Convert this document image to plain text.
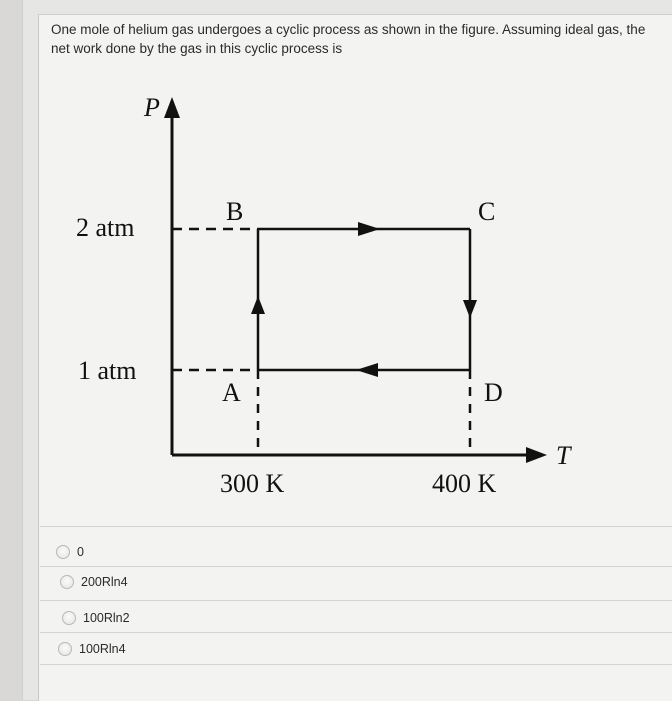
One mole of helium gas undergoes a cyclic process as shown in the figure. Assuming ideal gas, the net work done by the gas in this cyclic process is

P
T
2 atm
1 atm
300 K	400 K
A
B	C
D
0
200Rln4
100Rln2
100Rln4
